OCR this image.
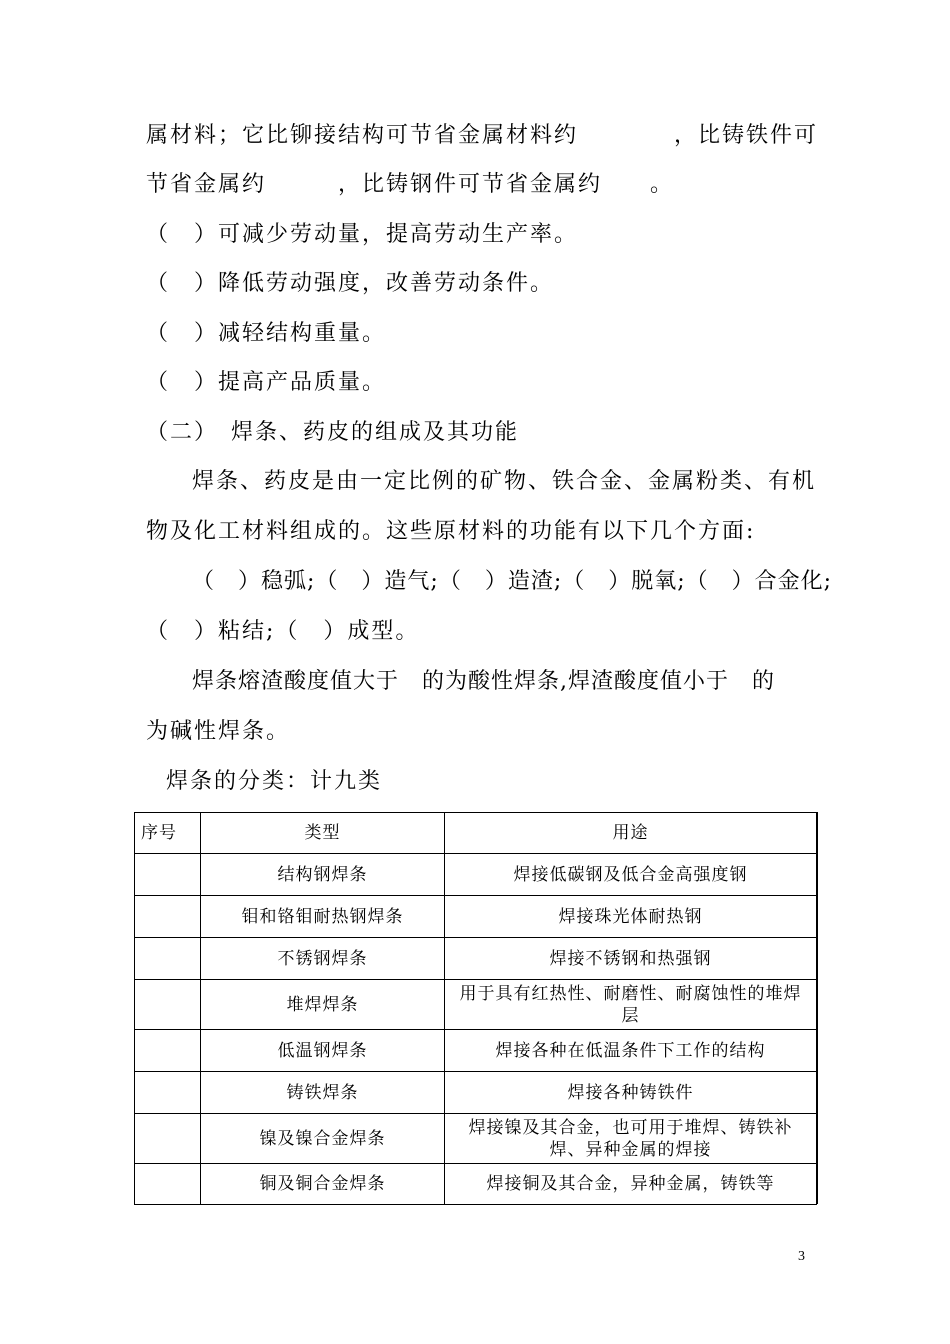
属材料；它比铆接结构可节省金属材料约　　　　，比铸铁件可
节省金属约　　　，比铸钢件可节省金属约　　。
（　）可减少劳动量，提高劳动生产率。
（　）降低劳动强度，改善劳动条件。
（　）减轻结构重量。
（　）提高产品质量。
（二）　焊条、药皮的组成及其功能
焊条、药皮是由一定比例的矿物、铁合金、金属粉类、有机
物及化工材料组成的。这些原材料的功能有以下几个方面:
（　）稳弧;（　）造气;（　）造渣;（　）脱氧;（　）合金化;
（　）粘结;（　）成型。
焊条熔渣酸度值大于　的为酸性焊条,焊渣酸度值小于　的
为碱性焊条。
焊条的分类：计九类
序号	类型	用途
	结构钢焊条	焊接低碳钢及低合金高强度钢
	钼和铬钼耐热钢焊条	焊接珠光体耐热钢
	不锈钢焊条	焊接不锈钢和热强钢
	堆焊焊条	用于具有红热性、耐磨性、耐腐蚀性的堆焊层
	低温钢焊条	焊接各种在低温条件下工作的结构
	铸铁焊条	焊接各种铸铁件
	镍及镍合金焊条	焊接镍及其合金，也可用于堆焊、铸铁补焊、异种金属的焊接
	铜及铜合金焊条	焊接铜及其合金，异种金属，铸铁等
3
